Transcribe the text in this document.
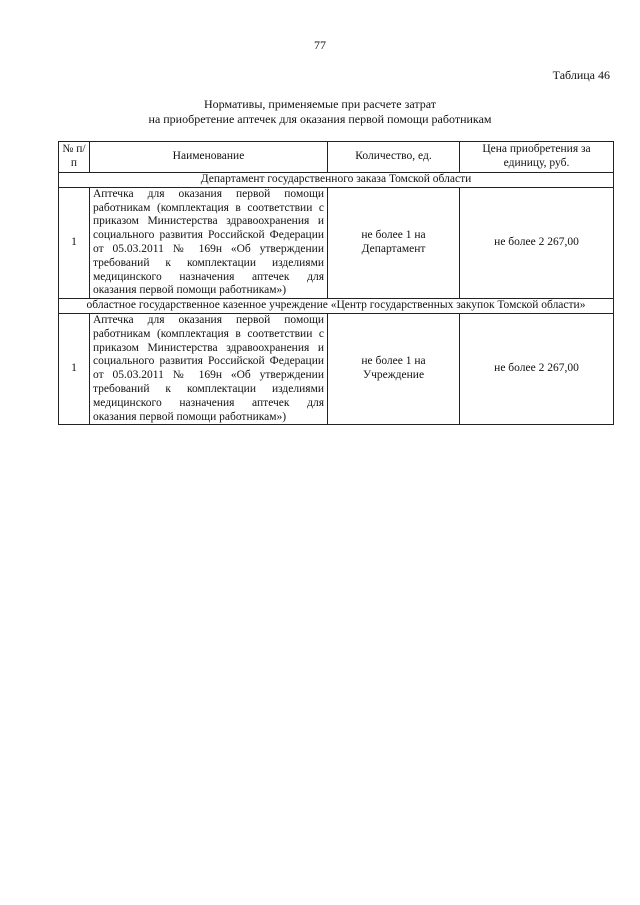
77
Таблица 46
Нормативы, применяемые при расчете затрат
на приобретение аптечек для оказания первой помощи работникам
№ п/п	Наименование	Количество, ед.	Цена приобретения за единицу, руб.
Департамент государственного заказа Томской области			
1	Аптечка для оказания первой помощи работникам (комплектация в соответствии с приказом Министерства здравоохранения и социального развития Российской Федерации от 05.03.2011 № 169н «Об утверждении требований к комплектации изделиями медицинского назначения аптечек для оказания первой помощи работникам»)	не более 1 на Департамент	не более 2 267,00
областное государственное казенное учреждение «Центр государственных закупок Томской области»			
1	Аптечка для оказания первой помощи работникам (комплектация в соответствии с приказом Министерства здравоохранения и социального развития Российской Федерации от 05.03.2011 № 169н «Об утверждении требований к комплектации изделиями медицинского назначения аптечек для оказания первой помощи работникам»)	не более 1 на Учреждение	не более 2 267,00
